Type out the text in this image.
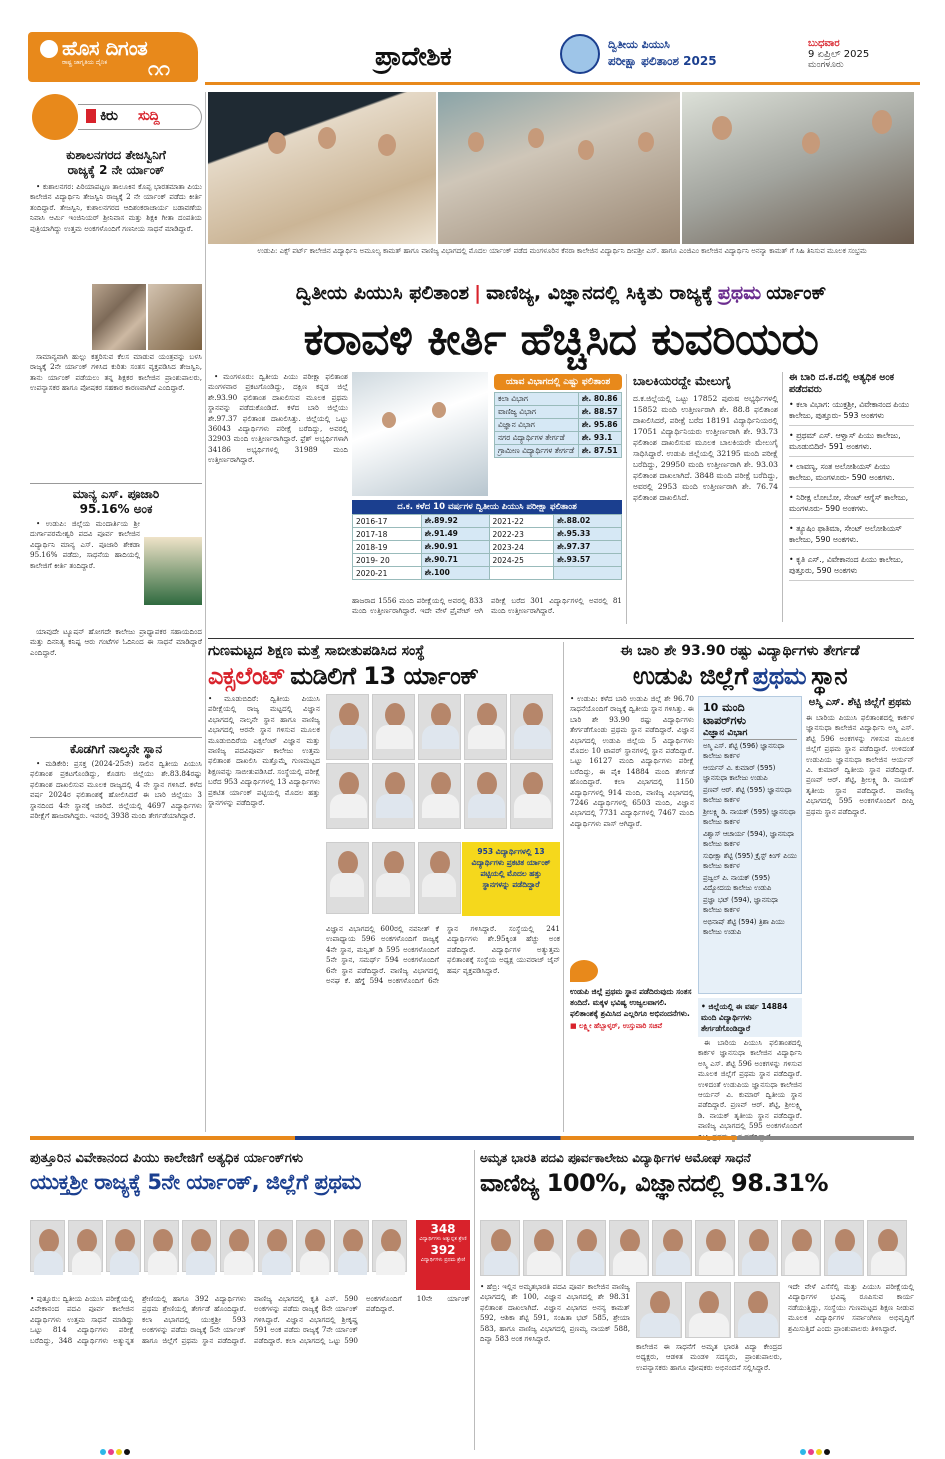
ಹೊಸ ದಿಗಂತ
ರಾಷ್ಟ್ರ ಜಾಗೃತಿಯ ದೈನಿಕ ೧೧	ಪ್ರಾದೇಶಿಕ	ದ್ವಿತೀಯ ಪಿಯುಸಿ
ಪರೀಕ್ಷಾ ಫಲಿತಾಂಶ 2025
ಬುಧವಾರ
9 ಏಪ್ರಿಲ್ 2025
ಮಂಗಳೂರು
ಕಿರು ಸುದ್ದಿ
ಕುಶಾಲನಗರದ ತೇಜಸ್ವಿನಿಗೆ
ರಾಜ್ಯಕ್ಕೆ 2 ನೇ ರ್ಯಾಂಕ್

• ಕುಶಾಲನಗರ: ಪಿರಿಯಾಪಟ್ಟಣ ತಾಲೂಕಿನ ಕೊಪ್ಪ ಭಾರತಮಾತಾ ಪಿಯು ಕಾಲೇಜಿನ ವಿದ್ಯಾರ್ಥಿನಿ ತೇಜಸ್ವಿನಿ ರಾಜ್ಯಕ್ಕೆ 2 ನೇ ರ್ಯಾಂಕ್ ಪಡೆದು ಕೀರ್ತಿ ತಂದಿದ್ದಾರೆ. ತೇಜಸ್ವಿನಿ, ಕುಶಾಲನಗರದ ಆದಿಶಂಕರಾಚಾರ್ಯ ಬಡಾವಣೆಯ ನಿವಾಸಿ ಆರ್ಮಿ ಇಂಜಿನಿಯರ್ ಶ್ರೀನಿವಾಸ ಮತ್ತು ಶಿಕ್ಷಕಿ ಗೀತಾ ದಂಪತಿಯ ಪುತ್ರಿಯಾಗಿದ್ದು ಉತ್ತಮ ಅಂಕಗಳೊಂದಿಗೆ ಗಣನೀಯ ಸಾಧನೆ ಮಾಡಿದ್ದಾರೆ.

ಸಾಮಾನ್ಯವಾಗಿ ಹುಲ್ಲು ಕತ್ತರಿಸುವ ಕೆಲಸ ಮಾಡುವ ಯಂತ್ರವನ್ನು ಬಳಸಿ ರಾಜ್ಯಕ್ಕೆ 2ನೇ ರ್ಯಾಂಕ್ ಗಳಿಸಿದ ಕುರಿತು ಸಂತಸ ವ್ಯಕ್ತಪಡಿಸಿದ ತೇಜಸ್ವಿನಿ, ತಾನು ರ್ಯಾಂಕ್ ಪಡೆಯಲು ತನ್ನ ಶಿಕ್ಷಕರ ಕಾಲೇಜಿನ ಪ್ರಾಂಶುಪಾಲರು, ಉಪನ್ಯಾಸಕರ ಹಾಗೂ ಪೋಷಕರ ಸಹಕಾರ ಕಾರಣವಾಗಿದೆ ಎಂದಿದ್ದಾರೆ.

ಮಾನ್ಯ ಎಸ್. ಪೂಜಾರಿ
95.16% ಅಂಕ

• ಉಡುಪಿ: ಜಿಲ್ಲೆಯ ಮಂದಾರ್ತಿಯ ಶ್ರೀ ದುರ್ಗಾಪರಮೇಶ್ವರಿ ಪದವಿ ಪೂರ್ವ ಕಾಲೇಜಿನ ವಿದ್ಯಾರ್ಥಿನಿ ಮಾನ್ಯ ಎಸ್. ಪೂಜಾರಿ ಶೇಕಡಾ 95.16% ಪಡೆದು, ಸಾಧನೆಯ ಹಾದಿಯಲ್ಲಿ ಕಾಲೇಜಿಗೆ ಕೀರ್ತಿ ತಂದಿದ್ದಾರೆ.

ಯಾವುದೇ ಟ್ಯೂಷನ್ ಹೋಗದೇ ಕಾಲೇಜು ಪ್ರಾಧ್ಯಾಪಕರ ಸಹಾಯದಿಂದ ಮತ್ತು ದಿನನಿತ್ಯ ಕನಿಷ್ಟ ಆರು ಗಂಟೆಗಳ ಓದಿನಿಂದ ಈ ಸಾಧನೆ ಮಾಡಿದ್ದಾರೆ ಎಂದಿದ್ದಾರೆ.

ಕೊಡಗಿಗೆ ನಾಲ್ಕನೇ ಸ್ಥಾನ

• ಮಡಿಕೇರಿ: ಪ್ರಸಕ್ತ (2024-25ನೇ) ಸಾಲಿನ ದ್ವಿತೀಯ ಪಿಯುಸಿ ಫಲಿತಾಂಶ ಪ್ರಕಟಗೊಂಡಿದ್ದು, ಕೊಡಗು ಜಿಲ್ಲೆಯು ಶೇ.83.84ರಷ್ಟು ಫಲಿತಾಂಶ ದಾಖಲಿಸುವ ಮೂಲಕ ರಾಜ್ಯದಲ್ಲಿ 4 ನೇ ಸ್ಥಾನ ಗಳಿಸಿದೆ. ಕಳೆದ ವರ್ಷ 2024ರ ಫಲಿತಾಂಶಕ್ಕೆ ಹೋಲಿಸಿದರೆ ಈ ಬಾರಿ ಜಿಲ್ಲೆಯು 3 ಸ್ಥಾನದಿಂದ 4ನೇ ಸ್ಥಾನಕ್ಕೆ ಜಾರಿದೆ. ಜಿಲ್ಲೆಯಲ್ಲಿ 4697 ವಿದ್ಯಾರ್ಥಿಗಳು ಪರೀಕ್ಷೆಗೆ ಹಾಜರಾಗಿದ್ದರು. ಇವರಲ್ಲಿ 3938 ಮಂದಿ ತೇರ್ಗಡೆಯಾಗಿದ್ದಾರೆ.

ಉಡುಪಿ: ಎಕ್ಸ್ ಪರ್ಟ್ ಕಾಲೇಜಿನ ವಿದ್ಯಾರ್ಥಿನಿ ಅಮೂಲ್ಯ ಕಾಮತ್ ಹಾಗೂ ವಾಣಿಜ್ಯ ವಿಭಾಗದಲ್ಲಿ ಮೊದಲ ರ್ಯಾಂಕ್ ಪಡೆದ ಮಂಗಳೂರಿನ ಕೆನರಾ ಕಾಲೇಜಿನ ವಿದ್ಯಾರ್ಥಿನಿ ದೀಪಶ್ರೀ ಎಸ್. ಹಾಗೂ ಎಂಜಿಎಂ ಕಾಲೇಜಿನ ವಿದ್ಯಾರ್ಥಿನಿ ಅನನ್ಯಾ ಕಾಮತ್ ಗೆ ಸಿಹಿ ತಿನಿಸುವ ಮೂಲಕ ಸಂಭ್ರಮ
ದ್ವಿತೀಯ ಪಿಯುಸಿ ಫಲಿತಾಂಶ | ವಾಣಿಜ್ಯ, ವಿಜ್ಞಾನದಲ್ಲಿ ಸಿಕ್ಕಿತು ರಾಜ್ಯಕ್ಕೆ ಪ್ರಥಮ ರ್ಯಾಂಕ್
ಕರಾವಳಿ ಕೀರ್ತಿ ಹೆಚ್ಚಿಸಿದ ಕುವರಿಯರು

• ಮಂಗಳೂರು: ದ್ವಿತೀಯ ಪಿಯು ಪರೀಕ್ಷಾ ಫಲಿತಾಂಶ ಮಂಗಳವಾರ ಪ್ರಕಟಗೊಂಡಿದ್ದು, ದಕ್ಷಿಣ ಕನ್ನಡ ಜಿಲ್ಲೆ ಶೇ.93.90 ಫಲಿತಾಂಶ ದಾಖಲಿಸುವ ಮೂಲಕ ಪ್ರಥಮ ಸ್ಥಾನವನ್ನು ಪಡೆದುಕೊಂಡಿದೆ. ಕಳೆದ ಬಾರಿ ಜಿಲ್ಲೆಯು ಶೇ.97.37 ಫಲಿತಾಂಶ ದಾಖಲಿಸಿತ್ತು. ಜಿಲ್ಲೆಯಲ್ಲಿ ಒಟ್ಟು 36043 ವಿದ್ಯಾರ್ಥಿಗಳು ಪರೀಕ್ಷೆ ಬರೆದಿದ್ದು, ಅವರಲ್ಲಿ 32903 ಮಂದಿ ಉತ್ತೀರ್ಣರಾಗಿದ್ದಾರೆ. ಫ್ರೆಶ್ ಅಭ್ಯರ್ಥಿಗಳಾಗಿ 34186 ಅಭ್ಯರ್ಥಿಗಳಲ್ಲಿ 31989 ಮಂದಿ ಉತ್ತೀರ್ಣರಾಗಿದ್ದಾರೆ.

ಯಾವ ವಿಭಾಗದಲ್ಲಿ ಎಷ್ಟು ಫಲಿತಾಂಶ
ಕಲಾ ವಿಭಾಗ	ಶೇ. 80.86
ವಾಣಿಜ್ಯ ವಿಭಾಗ	ಶೇ. 88.57
ವಿಜ್ಞಾನ ವಿಭಾಗ	ಶೇ. 95.86
ನಗರ ವಿದ್ಯಾರ್ಥಿಗಳ ತೇರ್ಗಡೆ	ಶೇ. 93.1
ಗ್ರಾಮೀಣ ವಿದ್ಯಾರ್ಥಿಗಳ ತೇರ್ಗಡೆ	ಶೇ. 87.51
ದ.ಕ. ಕಳೆದ 10 ವರ್ಷಗಳ ದ್ವಿತೀಯ ಪಿಯುಸಿ ಪರೀಕ್ಷಾ ಫಲಿತಾಂಶ
2016-17	ಶೇ.89.92	2021-22	ಶೇ.88.02
2017-18	ಶೇ.91.49	2022-23	ಶೇ.95.33
2018-19	ಶೇ.90.91	2023-24	ಶೇ.97.37
2019- 20	ಶೇ.90.71	2024-25	ಶೇ.93.57
2020-21	ಶೇ.100		
ಹಾಜರಾದ 1556 ಮಂದಿ ಪರೀಕ್ಷೆಯಲ್ಲಿ ಅವರಲ್ಲಿ 833 ಮಂದಿ ಉತ್ತೀರ್ಣರಾಗಿದ್ದಾರೆ. ಇದೇ ವೇಳೆ ಪ್ರೈವೇಟ್ ಆಗಿ ಪರೀಕ್ಷೆ ಬರೆದ 301 ವಿದ್ಯಾರ್ಥಿಗಳಲ್ಲಿ ಅವರಲ್ಲಿ 81 ಮಂದಿ ಉತ್ತೀರ್ಣರಾಗಿದ್ದಾರೆ.
ಬಾಲಕಿಯರದ್ದೇ ಮೇಲುಗೈ
ದ.ಕ.ಜಿಲ್ಲೆಯಲ್ಲಿ ಒಟ್ಟು 17852 ಪುರುಷ ಅಭ್ಯರ್ಥಿಗಳಲ್ಲಿ 15852 ಮಂದಿ ಉತ್ತೀರ್ಣರಾಗಿ ಶೇ. 88.8 ಫಲಿತಾಂಶ ದಾಖಲಿಸಿದರೆ, ಪರೀಕ್ಷೆ ಬರೆದ 18191 ವಿದ್ಯಾರ್ಥಿನಿಯರಲ್ಲಿ 17051 ವಿದ್ಯಾರ್ಥಿನಿಯರು ಉತ್ತೀರ್ಣರಾಗಿ ಶೇ. 93.73 ಫಲಿತಾಂಶ ದಾಖಲಿಸುವ ಮೂಲಕ ಬಾಲಕಿಯರೇ ಮೇಲುಗೈ ಸಾಧಿಸಿದ್ದಾರೆ. ಉಡುಪಿ ಜಿಲ್ಲೆಯಲ್ಲಿ 32195 ಮಂದಿ ಪರೀಕ್ಷೆ ಬರೆದಿದ್ದು, 29950 ಮಂದಿ ಉತ್ತೀರ್ಣರಾಗಿ ಶೇ. 93.03 ಫಲಿತಾಂಶ ದಾಖಲಾಗಿದೆ. 3848 ಮಂದಿ ಪರೀಕ್ಷೆ ಬರೆದಿದ್ದು, ಅವರಲ್ಲಿ 2953 ಮಂದಿ ಉತ್ತೀರ್ಣರಾಗಿ ಶೇ. 76.74 ಫಲಿತಾಂಶ ದಾಖಲಿಸಿದೆ.
ಈ ಬಾರಿ ದ.ಕ.ದಲ್ಲಿ ಅತ್ಯಧಿಕ ಅಂಕ ಪಡೆದವರು
• ಕಲಾ ವಿಭಾಗ: ಯುಕ್ತಶ್ರೀ, ವಿವೇಕಾನಂದ ಪಿಯು ಕಾಲೇಜು, ಪುತ್ತೂರು- 593 ಅಂಕಗಳು
• ಪ್ರಥಮ್ ಎಸ್. ಆಳ್ವಾಸ್ ಪಿಯು ಕಾಲೇಜು, ಮೂಡುಬಿದಿರೆ- 591 ಅಂಕಗಳು.
• ಲಾವಣ್ಯ, ಸಂತ ಅಲೋಶಿಯಸ್ ಪಿಯು ಕಾಲೇಜು, ಮಂಗಳೂರು- 590 ಅಂಕಗಳು.
• ನಿರೀಕ್ಷ ಲೋಬೋ, ಸೇಂಟ್ ಆಗ್ನೆಸ್ ಕಾಲೇಜು, ಮಂಗಳೂರು- 590 ಅಂಕಗಳು.
• ತ್ಯೂಷಿಂ ಫಾತಿಮಾ, ಸೇಂಟ್ ಅಲೋಶಿಯಸ್ ಕಾಲೇಜು, 590 ಅಂಕಗಳು.
• ಕೃತಿ ಎಸ್., ವಿವೇಕಾನಂದ ಪಿಯು ಕಾಲೇಜು, ಪುತ್ತೂರು, 590 ಅಂಕಗಳು
ಗುಣಮಟ್ಟದ ಶಿಕ್ಷಣ ಮತ್ತೆ ಸಾಬೀತುಪಡಿಸಿದ ಸಂಸ್ಥೆ
ಎಕ್ಸಲೆಂಟ್ ಮಡಿಲಿಗೆ 13 ರ್ಯಾಂಕ್
• ಮೂಡುಬಿದಿರೆ: ದ್ವಿತೀಯ ಪಿಯುಸಿ ಪರೀಕ್ಷೆಯಲ್ಲಿ ರಾಜ್ಯ ಮಟ್ಟದಲ್ಲಿ ವಿಜ್ಞಾನ ವಿಭಾಗದಲ್ಲಿ ನಾಲ್ಕನೇ ಸ್ಥಾನ ಹಾಗೂ ವಾಣಿಜ್ಯ ವಿಭಾಗದಲ್ಲಿ ಆರನೇ ಸ್ಥಾನ ಗಳಿಸುವ ಮೂಲಕ ಮೂಡುಬಿದಿರೆಯ ಎಕ್ಸಲೆಂಟ್ ವಿಜ್ಞಾನ ಮತ್ತು ವಾಣಿಜ್ಯ ಪದವಿಪೂರ್ವ ಕಾಲೇಜು ಉತ್ತಮ ಫಲಿತಾಂಶ ದಾಖಲಿಸಿ ಮತ್ತೊಮ್ಮೆ ಗುಣಮಟ್ಟದ ಶಿಕ್ಷಣವನ್ನು ಸಾಬೀತುಪಡಿಸಿದೆ. ಸಂಸ್ಥೆಯಲ್ಲಿ ಪರೀಕ್ಷೆ ಬರೆದ 953 ವಿದ್ಯಾರ್ಥಿಗಳಲ್ಲಿ 13 ವಿದ್ಯಾರ್ಥಿಗಳು ಪ್ರಕಟಿತ ರ್ಯಾಂಕ್ ಪಟ್ಟಿಯಲ್ಲಿ ಮೊದಲ ಹತ್ತು ಸ್ಥಾನಗಳನ್ನು ಪಡೆದಿದ್ದಾರೆ.
953 ವಿದ್ಯಾರ್ಥಿಗಳಲ್ಲಿ 13 ವಿದ್ಯಾರ್ಥಿಗಳು ಪ್ರಕಟಿತ ರ್ಯಾಂಕ್ ಪಟ್ಟಿಯಲ್ಲಿ ಮೊದಲ ಹತ್ತು ಸ್ಥಾನಗಳನ್ನು ಪಡೆದಿದ್ದಾರೆ
ವಿಜ್ಞಾನ ವಿಭಾಗದಲ್ಲಿ 600ರಲ್ಲಿ ನವನೀತ್ ಕೆ ಉಪಾಧ್ಯಾಯ 596 ಅಂಕಗಳೊಂದಿಗೆ ರಾಜ್ಯಕ್ಕೆ 4ನೇ ಸ್ಥಾನ, ಮನ್ವಿತ್ ಡಿ 595 ಅಂಕಗಳೊಂದಿಗೆ 5ನೇ ಸ್ಥಾನ, ಸಮರ್ಥ್ 594 ಅಂಕಗಳೊಂದಿಗೆ 6ನೇ ಸ್ಥಾನ ಪಡೆದಿದ್ದಾರೆ. ವಾಣಿಜ್ಯ ವಿಭಾಗದಲ್ಲಿ ಅನಘ ಕೆ. ಹೆಗ್ಡೆ 594 ಅಂಕಗಳೊಂದಿಗೆ 6ನೇ ಸ್ಥಾನ ಗಳಿಸಿದ್ದಾರೆ. ಸಂಸ್ಥೆಯಲ್ಲಿ 241 ವಿದ್ಯಾರ್ಥಿಗಳು ಶೇ.95ಕ್ಕಿಂತ ಹೆಚ್ಚು ಅಂಕ ಪಡೆದಿದ್ದಾರೆ. ವಿದ್ಯಾರ್ಥಿಗಳ ಅತ್ಯುತ್ತಮ ಫಲಿತಾಂಶಕ್ಕೆ ಸಂಸ್ಥೆಯ ಅಧ್ಯಕ್ಷ ಯುವರಾಜ್ ಜೈನ್ ಹರ್ಷ ವ್ಯಕ್ತಪಡಿಸಿದ್ದಾರೆ.
ಈ ಬಾರಿ ಶೇ 93.90 ರಷ್ಟು ವಿದ್ಯಾರ್ಥಿಗಳು ತೇರ್ಗಡೆ
ಉಡುಪಿ ಜಿಲ್ಲೆಗೆ ಪ್ರಥಮ ಸ್ಥಾನ
• ಉಡುಪಿ: ಕಳೆದ ಬಾರಿ ಉಡುಪಿ ಜಿಲ್ಲೆ ಶೇ 96.70 ಸಾಧನೆಯೊಂದಿಗೆ ರಾಜ್ಯಕ್ಕೆ ದ್ವಿತೀಯ ಸ್ಥಾನ ಗಳಿಸಿತ್ತು. ಈ ಬಾರಿ ಶೇ 93.90 ರಷ್ಟು ವಿದ್ಯಾರ್ಥಿಗಳು ತೇರ್ಗಡೆಗೊಂಡು ಪ್ರಥಮ ಸ್ಥಾನ ಪಡೆದಿದ್ದಾರೆ. ವಿಜ್ಞಾನ ವಿಭಾಗದಲ್ಲಿ ಉಡುಪಿ ಜಿಲ್ಲೆಯ 5 ವಿದ್ಯಾರ್ಥಿಗಳು ಮೊದಲ 10 ಟಾಪರ್ ಸ್ಥಾನಗಳಲ್ಲಿ ಸ್ಥಾನ ಪಡೆದಿದ್ದಾರೆ. ಒಟ್ಟು 16127 ಮಂದಿ ವಿದ್ಯಾರ್ಥಿಗಳು ಪರೀಕ್ಷೆ ಬರೆದಿದ್ದು, ಈ ಪೈಕಿ 14884 ಮಂದಿ ತೇರ್ಗಡೆ ಹೊಂದಿದ್ದಾರೆ. ಕಲಾ ವಿಭಾಗದಲ್ಲಿ 1150 ವಿದ್ಯಾರ್ಥಿಗಳಲ್ಲಿ 914 ಮಂದಿ, ವಾಣಿಜ್ಯ ವಿಭಾಗದಲ್ಲಿ 7246 ವಿದ್ಯಾರ್ಥಿಗಳಲ್ಲಿ 6503 ಮಂದಿ, ವಿಜ್ಞಾನ ವಿಭಾಗದಲ್ಲಿ 7731 ವಿದ್ಯಾರ್ಥಿಗಳಲ್ಲಿ 7467 ಮಂದಿ ವಿದ್ಯಾರ್ಥಿಗಳು ಪಾಸ್ ಆಗಿದ್ದಾರೆ.
10 ಮಂದಿ
ಟಾಪರ್‌ಗಳು
ವಿಜ್ಞಾನ ವಿಭಾಗ
ಅಸ್ಮಿ ಎಸ್. ಶೆಟ್ಟಿ (596) ಜ್ಞಾನಸುಧಾ ಕಾಲೇಜು ಕಾರ್ಕಳ
ಆರ್ಯನ್ ವಿ. ಕುಮಾರ್ (595) ಜ್ಞಾನಸುಧಾ ಕಾಲೇಜು ಉಡುಪಿ
ಪ್ರಣವ್ ಆರ್. ಶೆಟ್ಟಿ (595) ಜ್ಞಾನಸುಧಾ ಕಾಲೇಜು ಕಾರ್ಕಳ
ಶ್ರೀಲಕ್ಷ್ಮಿ ಡಿ. ನಾಯಕ್ (595) ಜ್ಞಾನಸುಧಾ ಕಾಲೇಜು ಕಾರ್ಕಳ
ವಿಶ್ವಾಸ್ ಆಚಾರ್ಯ (594), ಜ್ಞಾನಸುಧಾ ಕಾಲೇಜು ಕಾರ್ಕಳ
ಸುಧೀಕ್ಷಾ ಶೆಟ್ಟಿ (595) ಕ್ರೈಸ್ಟ್ ಕಿಂಗ್ ಪಿಯು ಕಾಲೇಜು ಕಾರ್ಕಳ
ಪ್ರಜ್ವಲ್ ಪಿ. ನಾಯಕ್ (595) ವಿದ್ಯೋದಯ ಕಾಲೇಜು ಉಡುಪಿ
ಪ್ರಜ್ಞಾ ಭಟ್ (594), ಜ್ಞಾನಸುಧಾ ಕಾಲೇಜು ಕಾರ್ಕಳ
ಅಭಿನಾಷ್ ಶೆಟ್ಟಿ (594) ತ್ರಿಶಾ ಪಿಯು ಕಾಲೇಜು ಉಡುಪಿ
ಉಡುಪಿ ಜಿಲ್ಲೆ ಪ್ರಥಮ ಸ್ಥಾನ ಪಡೆದಿರುವುದು ಸಂತಸ ತಂದಿದೆ. ಮಕ್ಕಳ ಭವಿಷ್ಯ ಉಜ್ವಲವಾಗಲಿ. ಫಲಿತಾಂಶಕ್ಕೆ ಶ್ರಮಿಸಿದ ಎಲ್ಲರಿಗೂ ಅಭಿನಂದನೆಗಳು.
■ ಲಕ್ಷ್ಮೀ ಹೆಬ್ಬಾಳ್ಕರ್, ಉಸ್ತುವಾರಿ ಸಚಿವೆ
• ಜಿಲ್ಲೆಯಲ್ಲಿ ಈ ವರ್ಷ 14884 ಮಂದಿ ವಿದ್ಯಾರ್ಥಿಗಳು ತೇರ್ಗಡೆಗೊಂಡಿದ್ದಾರೆ
ಅಸ್ಮಿ ಎಸ್. ಶೆಟ್ಟಿ ಜಿಲ್ಲೆಗೆ ಪ್ರಥಮ
ಈ ಬಾರಿಯ ಪಿಯುಸಿ ಫಲಿತಾಂಶದಲ್ಲಿ ಕಾರ್ಕಳ ಜ್ಞಾನಸುಧಾ ಕಾಲೇಜಿನ ವಿದ್ಯಾರ್ಥಿನಿ ಅಸ್ಮಿ ಎಸ್. ಶೆಟ್ಟಿ 596 ಅಂಕಗಳನ್ನು ಗಳಿಸುವ ಮೂಲಕ ಜಿಲ್ಲೆಗೆ ಪ್ರಥಮ ಸ್ಥಾನ ಪಡೆದಿದ್ದಾರೆ. ಉಳಿದಂತೆ ಉಡುಪಿಯ ಜ್ಞಾನಸುಧಾ ಕಾಲೇಜಿನ ಆರ್ಯನ್ ವಿ. ಕುಮಾರ್ ದ್ವಿತೀಯ ಸ್ಥಾನ ಪಡೆದಿದ್ದಾರೆ. ಪ್ರಣವ್ ಆರ್. ಶೆಟ್ಟಿ, ಶ್ರೀಲಕ್ಷ್ಮಿ ಡಿ. ನಾಯಕ್ ತೃತೀಯ ಸ್ಥಾನ ಪಡೆದಿದ್ದಾರೆ. ವಾಣಿಜ್ಯ ವಿಭಾಗದಲ್ಲಿ 595 ಅಂಕಗಳೊಂದಿಗೆ ದೀಪ್ತಿ ಪ್ರಥಮ ಸ್ಥಾನ ಪಡೆದಿದ್ದಾರೆ.

ಈ ಬಾರಿಯ ಪಿಯುಸಿ ಫಲಿತಾಂಶದಲ್ಲಿ ಕಾರ್ಕಳ ಜ್ಞಾನಸುಧಾ ಕಾಲೇಜಿನ ವಿದ್ಯಾರ್ಥಿನಿ ಅಸ್ಮಿ ಎಸ್. ಶೆಟ್ಟಿ 596 ಅಂಕಗಳನ್ನು ಗಳಿಸುವ ಮೂಲಕ ಜಿಲ್ಲೆಗೆ ಪ್ರಥಮ ಸ್ಥಾನ ಪಡೆದಿದ್ದಾರೆ. ಉಳಿದಂತೆ ಉಡುಪಿಯ ಜ್ಞಾನಸುಧಾ ಕಾಲೇಜಿನ ಆರ್ಯನ್ ವಿ. ಕುಮಾರ್ ದ್ವಿತೀಯ ಸ್ಥಾನ ಪಡೆದಿದ್ದಾರೆ. ಪ್ರಣವ್ ಆರ್. ಶೆಟ್ಟಿ, ಶ್ರೀಲಕ್ಷ್ಮಿ ಡಿ. ನಾಯಕ್ ತೃತೀಯ ಸ್ಥಾನ ಪಡೆದಿದ್ದಾರೆ. ವಾಣಿಜ್ಯ ವಿಭಾಗದಲ್ಲಿ 595 ಅಂಕಗಳೊಂದಿಗೆ

ಪುತ್ತೂರಿನ ವಿವೇಕಾನಂದ ಪಿಯು ಕಾಲೇಜಿಗೆ ಅತ್ಯಧಿಕ ರ್ಯಾಂಕ್‌ಗಳು
ಯುಕ್ತಶ್ರೀ ರಾಜ್ಯಕ್ಕೆ 5ನೇ ರ್ಯಾಂಕ್, ಜಿಲ್ಲೆಗೆ ಪ್ರಥಮ
348
ವಿದ್ಯಾರ್ಥಿಗಳು ಅತ್ಯುನ್ನತ ಶ್ರೇಣಿ
392
ವಿದ್ಯಾರ್ಥಿಗಳು ಪ್ರಥಮ ಶ್ರೇಣಿ
• ಪುತ್ತೂರು: ದ್ವಿತೀಯ ಪಿಯುಸಿ ಪರೀಕ್ಷೆಯಲ್ಲಿ ವಿವೇಕಾನಂದ ಪದವಿ ಪೂರ್ವ ಕಾಲೇಜಿನ ವಿದ್ಯಾರ್ಥಿಗಳು ಉತ್ತಮ ಸಾಧನೆ ಮಾಡಿದ್ದು ಒಟ್ಟು 814 ವಿದ್ಯಾರ್ಥಿಗಳು ಪರೀಕ್ಷೆ ಬರೆದಿದ್ದು, 348 ವಿದ್ಯಾರ್ಥಿಗಳು ಅತ್ಯುನ್ನತ ಶ್ರೇಣಿಯಲ್ಲಿ ಹಾಗೂ 392 ವಿದ್ಯಾರ್ಥಿಗಳು ಪ್ರಥಮ ಶ್ರೇಣಿಯಲ್ಲಿ ತೇರ್ಗಡೆ ಹೊಂದಿದ್ದಾರೆ. ಕಲಾ ವಿಭಾಗದಲ್ಲಿ ಯುಕ್ತಶ್ರೀ 593 ಅಂಕಗಳನ್ನು ಪಡೆದು ರಾಜ್ಯಕ್ಕೆ 5ನೇ ರ್ಯಾಂಕ್ ಹಾಗೂ ಜಿಲ್ಲೆಗೆ ಪ್ರಥಮ ಸ್ಥಾನ ಪಡೆದಿದ್ದಾರೆ. ವಾಣಿಜ್ಯ ವಿಭಾಗದಲ್ಲಿ ಕೃತಿ ಎಸ್. 590 ಅಂಕಗಳನ್ನು ಪಡೆದು ರಾಜ್ಯಕ್ಕೆ 8ನೇ ರ್ಯಾಂಕ್ ಗಳಿಸಿದ್ದಾರೆ. ವಿಜ್ಞಾನ ವಿಭಾಗದಲ್ಲಿ ಶ್ರೀಕೃಷ್ಣ 591 ಅಂಕ ಪಡೆದು ರಾಜ್ಯಕ್ಕೆ 7ನೇ ರ್ಯಾಂಕ್ ಪಡೆದಿದ್ದಾರೆ. ಕಲಾ ವಿಭಾಗದಲ್ಲಿ ಒಟ್ಟು 590 ಅಂಕಗಳೊಂದಿಗೆ 10ನೇ ರ್ಯಾಂಕ್ ಪಡೆದಿದ್ದಾರೆ.
ಅಮೃತ ಭಾರತಿ ಪದವಿ ಪೂರ್ವಕಾಲೇಜು ವಿದ್ಯಾರ್ಥಿಗಳ ಅಮೋಘ ಸಾಧನೆ
ವಾಣಿಜ್ಯ 100%, ವಿಜ್ಞಾನದಲ್ಲಿ 98.31%
• ಹೆಬ್ರಿ: ಇಲ್ಲಿನ ಅಮೃತಭಾರತಿ ಪದವಿ ಪೂರ್ವ ಕಾಲೇಜಿನ ವಾಣಿಜ್ಯ ವಿಭಾಗದಲ್ಲಿ ಶೇ 100, ವಿಜ್ಞಾನ ವಿಭಾಗದಲ್ಲಿ ಶೇ 98.31 ಫಲಿತಾಂಶ ದಾಖಲಾಗಿದೆ. ವಿಜ್ಞಾನ ವಿಭಾಗದ ಅನನ್ಯ ಕಾಮತ್ 592, ಆಶಿಕಾ ಶೆಟ್ಟಿ 591, ಸಂಹಿತಾ ಭಟ್ 585, ಶ್ರೇಯಾ 583, ಹಾಗೂ ವಾಣಿಜ್ಯ ವಿಭಾಗದಲ್ಲಿ ಪ್ರಣಮ್ಯ ನಾಯಕ್ 588, ದಿವ್ಯಾ 583 ಅಂಕ ಗಳಿಸಿದ್ದಾರೆ.
ಕಾಲೇಜಿನ ಈ ಸಾಧನೆಗೆ ಅಮೃತ ಭಾರತಿ ವಿದ್ಯಾ ಕೇಂದ್ರದ ಅಧ್ಯಕ್ಷರು, ಆಡಳಿತ ಮಂಡಳಿ ಸದಸ್ಯರು, ಪ್ರಾಂಶುಪಾಲರು, ಉಪನ್ಯಾಸಕರು ಹಾಗೂ ಪೋಷಕರು ಅಭಿನಂದನೆ ಸಲ್ಲಿಸಿದ್ದಾರೆ.
ಇದೇ ವೇಳೆ ಎಸೆಸೆಲ್ಸಿ ಮತ್ತು ಪಿಯುಸಿ ಪರೀಕ್ಷೆಯಲ್ಲಿ ವಿದ್ಯಾರ್ಥಿಗಳ ಭವಿಷ್ಯ ರೂಪಿಸುವ ಕಾರ್ಯ ನಡೆಯುತ್ತಿದ್ದು, ಸಂಸ್ಥೆಯು ಗುಣಮಟ್ಟದ ಶಿಕ್ಷಣ ನೀಡುವ ಮೂಲಕ ವಿದ್ಯಾರ್ಥಿಗಳ ಸರ್ವಾಂಗೀಣ ಅಭಿವೃದ್ಧಿಗೆ ಶ್ರಮಿಸುತ್ತಿದೆ ಎಂದು ಪ್ರಾಂಶುಪಾಲರು ತಿಳಿಸಿದ್ದಾರೆ.
